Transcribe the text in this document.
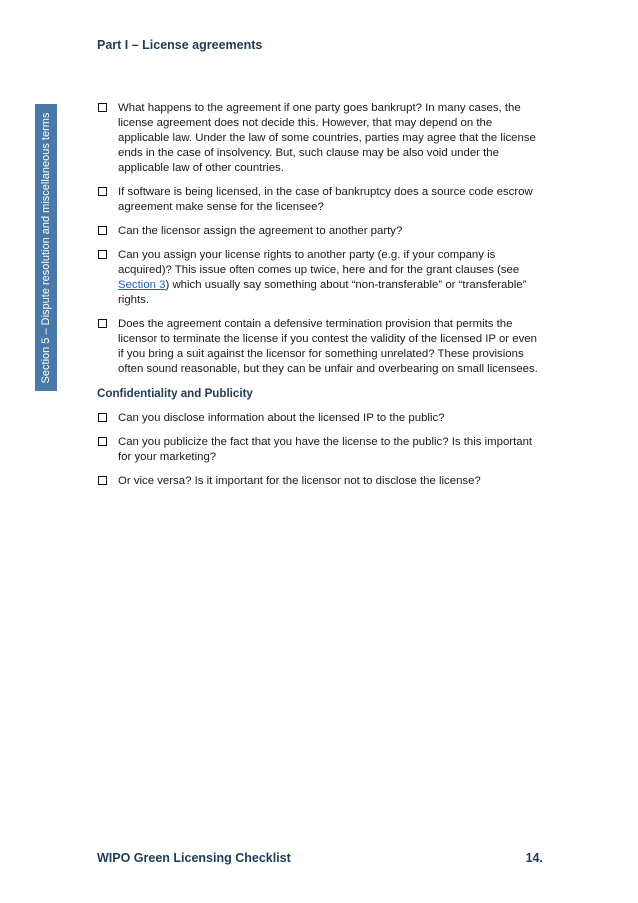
Part I – License agreements
Section 5 – Dispute resolution and miscellaneous terms
What happens to the agreement if one party goes bankrupt? In many cases, the license agreement does not decide this. However, that may depend on the applicable law. Under the law of some countries, parties may agree that the license ends in the case of insolvency. But, such clause may be also void under the applicable law of other countries.
If software is being licensed, in the case of bankruptcy does a source code escrow agreement make sense for the licensee?
Can the licensor assign the agreement to another party?
Can you assign your license rights to another party (e.g. if your company is acquired)? This issue often comes up twice, here and for the grant clauses (see Section 3) which usually say something about “non-transferable” or “transferable” rights.
Does the agreement contain a defensive termination provision that permits the licensor to terminate the license if you contest the validity of the licensed IP or even if you bring a suit against the licensor for something unrelated? These provisions often sound reasonable, but they can be unfair and overbearing on small licensees.
Confidentiality and Publicity
Can you disclose information about the licensed IP to the public?
Can you publicize the fact that you have the license to the public? Is this important for your marketing?
Or vice versa? Is it important for the licensor not to disclose the license?
WIPO Green Licensing Checklist	14.
